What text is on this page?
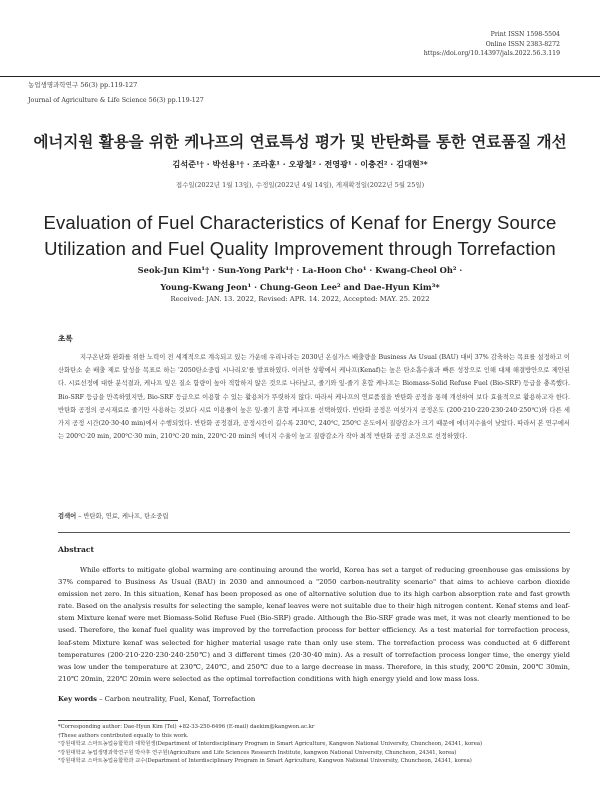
Print ISSN 1598-5504
Online ISSN 2383-8272
https://doi.org/10.14397/jals.2022.56.3.119
농업생명과학연구 56(3) pp.119-127
Journal of Agriculture & Life Science 56(3) pp.119-127
에너지원 활용을 위한 케나프의 연료특성 평가 및 반탄화를 통한 연료품질 개선
김석준¹† · 박선용¹† · 조라훈¹ · 오광철² · 전영광¹ · 이충건² · 김대현³*
접수일(2022년 1월 13일), 수정일(2022년 4월 14일), 게재확정일(2022년 5월 25일)
Evaluation of Fuel Characteristics of Kenaf for Energy Source
Utilization and Fuel Quality Improvement through Torrefaction
Seok-Jun Kim¹† · Sun-Yong Park¹† · La-Hoon Cho¹ · Kwang-Cheol Oh² ·
Young-Kwang Jeon¹ · Chung-Geon Lee² and Dae-Hyun Kim³*
Received: JAN. 13. 2022, Revised: APR. 14. 2022, Accepted: MAY. 25. 2022
초록
지구온난화 완화를 위한 노력이 전 세계적으로 계속되고 있는 가운데 우리나라는 2030년 온실가스 배출량을 Business As Usual (BAU) 대비 37% 감축하는 목표를 설정하고 이산화탄소 순 배출 제로 달성을 목표로 하는 '2050탄소중립 시나리오'를 발표하였다. 이러한 상황에서 케나프(Kenaf)는 높은 탄소흡수율과 빠른 성장으로 인해 대체 해결방안으로 제안된다. 시료선정에 대한 분석결과, 케나프 잎은 질소 함량이 높아 적합하지 않은 것으로 나타났고, 줄기와 잎-줄기 혼합 케나프는 Biomass-Solid Refuse Fuel (Bio-SRF) 등급을 충족했다. Bio-SRF 등급을 만족하였지만, Bio-SRF 등급으로 이용할 수 있는 활용처가 뚜렷하지 않다. 따라서 케나프의 연료품질을 반탄화 공정을 통해 개선하여 보다 효율적으로 활용하고자 한다. 반탄화 공정의 공시재료로 줄기만 사용하는 것보다 시료 이용률이 높은 잎-줄기 혼합 케나프를 선택하였다. 반탄화 공정은 여섯가지 공정온도 (200·210·220·230·240·250℃)와 다른 세 가지 공정 시간(20·30·40 min)에서 수행되었다. 반탄화 공정결과, 공정시간이 길수록 230℃, 240℃, 250℃ 온도에서 질량감소가 크기 때문에 에너지수율이 낮았다. 따라서 본 연구에서는 200℃·20 min, 200℃·30 min, 210℃·20 min, 220℃·20 min의 에너지 수율이 높고 질량감소가 작아 최적 반탄화 공정 조건으로 선정하였다.
검색어 – 반탄화, 연료, 케나프, 탄소중립
Abstract
While efforts to mitigate global warming are continuing around the world, Korea has set a target of reducing greenhouse gas emissions by 37% compared to Business As Usual (BAU) in 2030 and announced a "2050 carbon-neutrality scenario" that aims to achieve carbon dioxide emission net zero. In this situation, Kenaf has been proposed as one of alternative solution due to its high carbon absorption rate and fast growth rate. Based on the analysis results for selecting the sample, kenaf leaves were not suitable due to their high nitrogen content. Kenaf stems and leaf-stem Mixture kenaf were met Biomass-Solid Refuse Fuel (Bio-SRF) grade. Although the Bio-SRF grade was met, it was not clearly mentioned to be used. Therefore, the kenaf fuel quality was improved by the torrefaction process for better efficiency. As a test material for torrefaction process, leaf-stem Mixture kenaf was selected for higher material usage rate than only use stem. The torrefaction process was conducted at 6 different temperatures (200·210·220·230·240·250℃) and 3 different times (20·30·40 min). As a result of torrefaction process longer time, the energy yield was low under the temperature at 230℃, 240℃, and 250℃ due to a large decrease in mass. Therefore, in this study, 200℃ 20min, 200℃ 30min, 210℃ 20min, 220℃ 20min were selected as the optimal torrefaction conditions with high energy yield and low mass loss.
Key words – Carbon neutrality, Fuel, Kenaf, Torrefaction
*Corresponding author: Dae-Hyun Kim (Tel) +82-33-250-6496 (E-mail) daekim@kangwon.ac.kr
†These authors contributed equally to this work.
¹강원대학교 스마트농업융합학과 대학원생(Department of Interdisciplinary Program in Smart Agriculture, Kangwon National University, Chuncheon, 24341, korea)
²강원대학교 농업생명과학연구원 박사후 연구원(Agriculture and Life Sciences Research Institute, kangwon National University, Chuncheon, 24341, korea)
³강원대학교 스마트농업융합학과 교수(Department of Interdisciplinary Program in Smart Agriculture, Kangwon National University, Chuncheon, 24341, korea)
